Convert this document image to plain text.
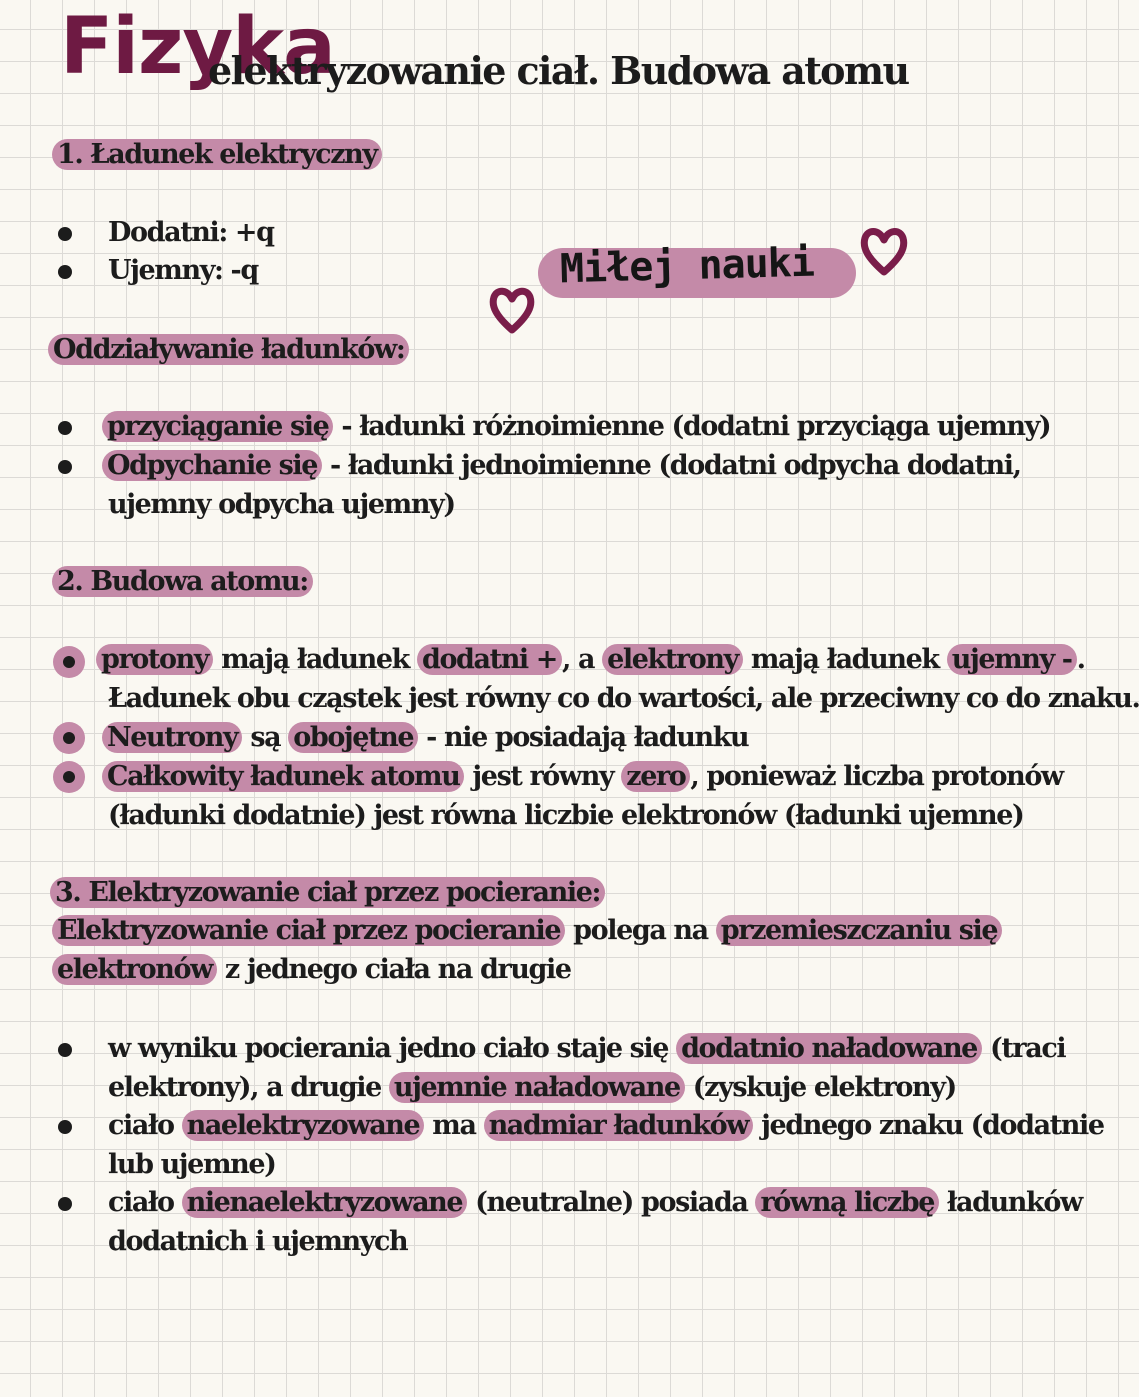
Fizyka
elektryzowanie ciał. Budowa atomu
Miłej nauki
1. Ładunek elektryczny
Dodatni: +q
Ujemny: -q
Oddziaływanie ładunków:
przyciąganie się - ładunki różnoimienne (dodatni przyciąga ujemny)
Odpychanie się - ładunki jednoimienne (dodatni odpycha dodatni,
ujemny odpycha ujemny)
2. Budowa atomu:
protony mają ładunek dodatni + , a elektrony mają ładunek ujemny - .
Ładunek obu cząstek jest równy co do wartości, ale przeciwny co do znaku.
Neutrony są obojętne - nie posiadają ładunku
Całkowity ładunek atomu jest równy zero , ponieważ liczba protonów
(ładunki dodatnie) jest równa liczbie elektronów (ładunki ujemne)
3. Elektryzowanie ciał przez pocieranie:
Elektryzowanie ciał przez pocieranie polega na przemieszczaniu się
elektronów z jednego ciała na drugie
w wyniku pocierania jedno ciało staje się dodatnio naładowane (traci
elektrony), a drugie ujemnie naładowane (zyskuje elektrony)
ciało naelektryzowane ma nadmiar ładunków jednego znaku (dodatnie
lub ujemne)
ciało nienaelektryzowane (neutralne) posiada równą liczbę ładunków
dodatnich i ujemnych
